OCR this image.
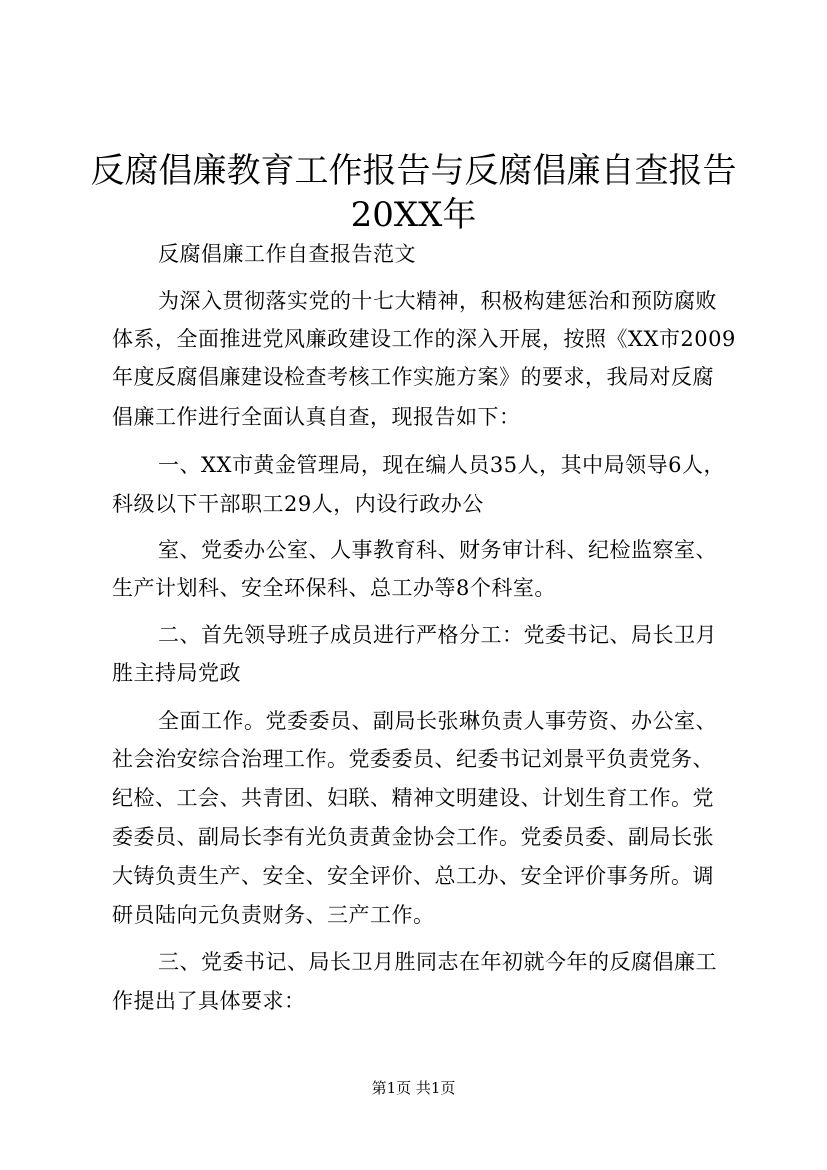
反腐倡廉教育工作报告与反腐倡廉自查报告
20XX年
反腐倡廉工作自查报告范文
为深入贯彻落实党的十七大精神，积极构建惩治和预防腐败
体系，全面推进党风廉政建设工作的深入开展，按照《XX市2009
年度反腐倡廉建设检查考核工作实施方案》的要求，我局对反腐
倡廉工作进行全面认真自查，现报告如下：
一、XX市黄金管理局，现在编人员35人，其中局领导6人，
科级以下干部职工29人，内设行政办公
室、党委办公室、人事教育科、财务审计科、纪检监察室、
生产计划科、安全环保科、总工办等8个科室。
二、首先领导班子成员进行严格分工：党委书记、局长卫月
胜主持局党政
全面工作。党委委员、副局长张琳负责人事劳资、办公室、
社会治安综合治理工作。党委委员、纪委书记刘景平负责党务、
纪检、工会、共青团、妇联、精神文明建设、计划生育工作。党
委委员、副局长李有光负责黄金协会工作。党委员委、副局长张
大铸负责生产、安全、安全评价、总工办、安全评价事务所。调
研员陆向元负责财务、三产工作。
三、党委书记、局长卫月胜同志在年初就今年的反腐倡廉工
作提出了具体要求：
第1页 共1页
